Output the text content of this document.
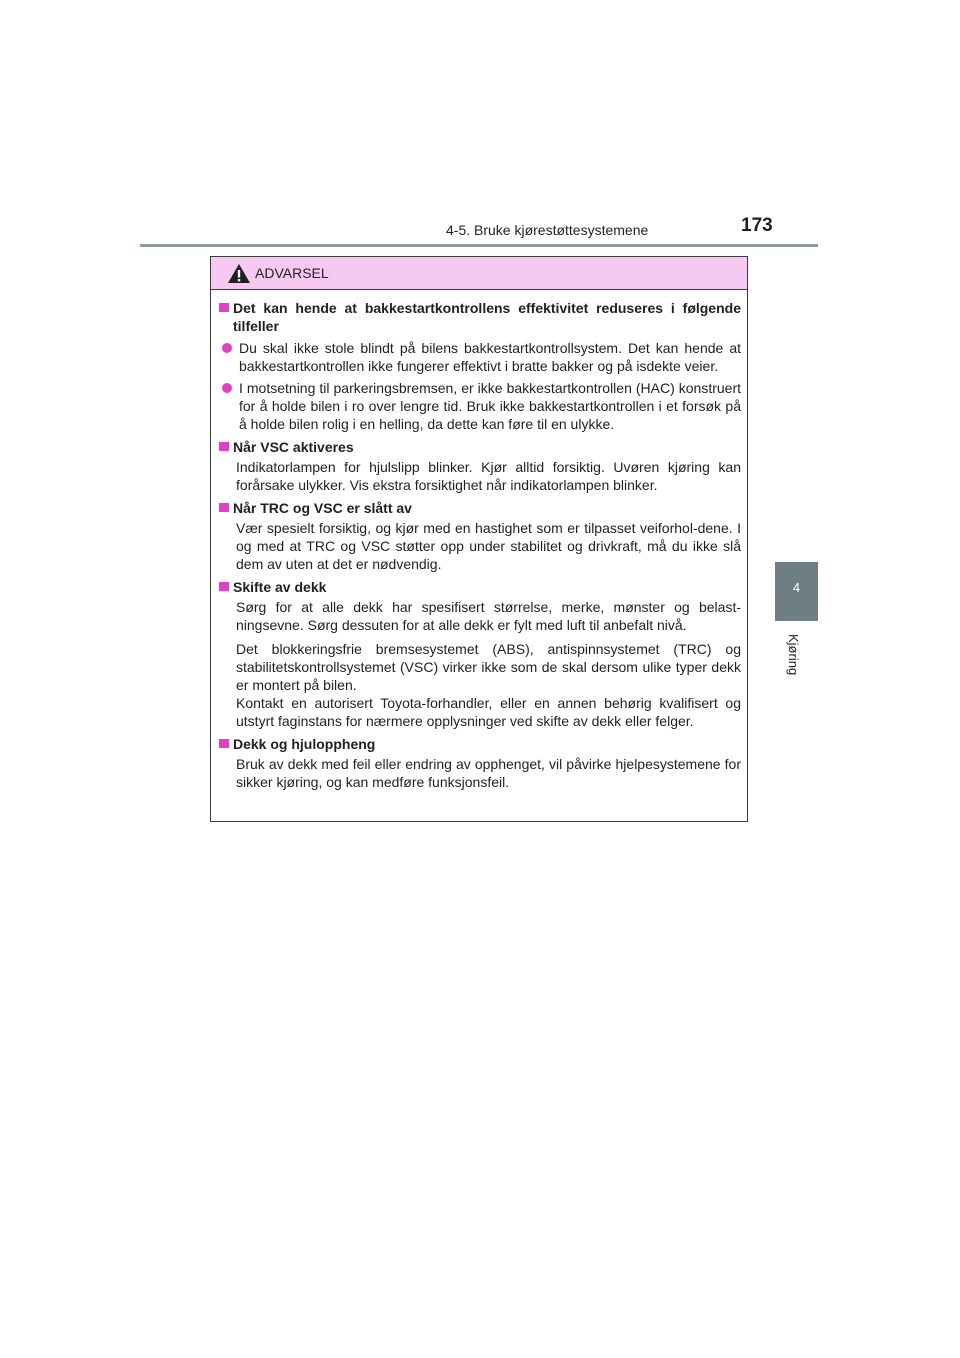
4-5. Bruke kjørestøttesystemene	173
4
Kjøring
ADVARSEL
Det kan hende at bakkestartkontrollens effektivitet reduseres i følgende tilfeller
Du skal ikke stole blindt på bilens bakkestartkontrollsystem. Det kan hende at bakkestartkontrollen ikke fungerer effektivt i bratte bakker og på isdekte veier.
I motsetning til parkeringsbremsen, er ikke bakkestartkontrollen (HAC) konstruert for å holde bilen i ro over lengre tid. Bruk ikke bakkestartkontrollen i et forsøk på å holde bilen rolig i en helling, da dette kan føre til en ulykke.
Når VSC aktiveres
Indikatorlampen for hjulslipp blinker. Kjør alltid forsiktig. Uvøren kjøring kan forårsake ulykker. Vis ekstra forsiktighet når indikatorlampen blinker.
Når TRC og VSC er slått av
Vær spesielt forsiktig, og kjør med en hastighet som er tilpasset veiforhol-dene. I og med at TRC og VSC støtter opp under stabilitet og drivkraft, må du ikke slå dem av uten at det er nødvendig.
Skifte av dekk
Sørg for at alle dekk har spesifisert størrelse, merke, mønster og belast-ningsevne. Sørg dessuten for at alle dekk er fylt med luft til anbefalt nivå.
Det blokkeringsfrie bremsesystemet (ABS), antispinnsystemet (TRC) og stabilitetskontrollsystemet (VSC) virker ikke som de skal dersom ulike typer dekk er montert på bilen.
Kontakt en autorisert Toyota-forhandler, eller en annen behørig kvalifisert og utstyrt faginstans for nærmere opplysninger ved skifte av dekk eller felger.
Dekk og hjuloppheng
Bruk av dekk med feil eller endring av opphenget, vil påvirke hjelpesystemene for sikker kjøring, og kan medføre funksjonsfeil.
